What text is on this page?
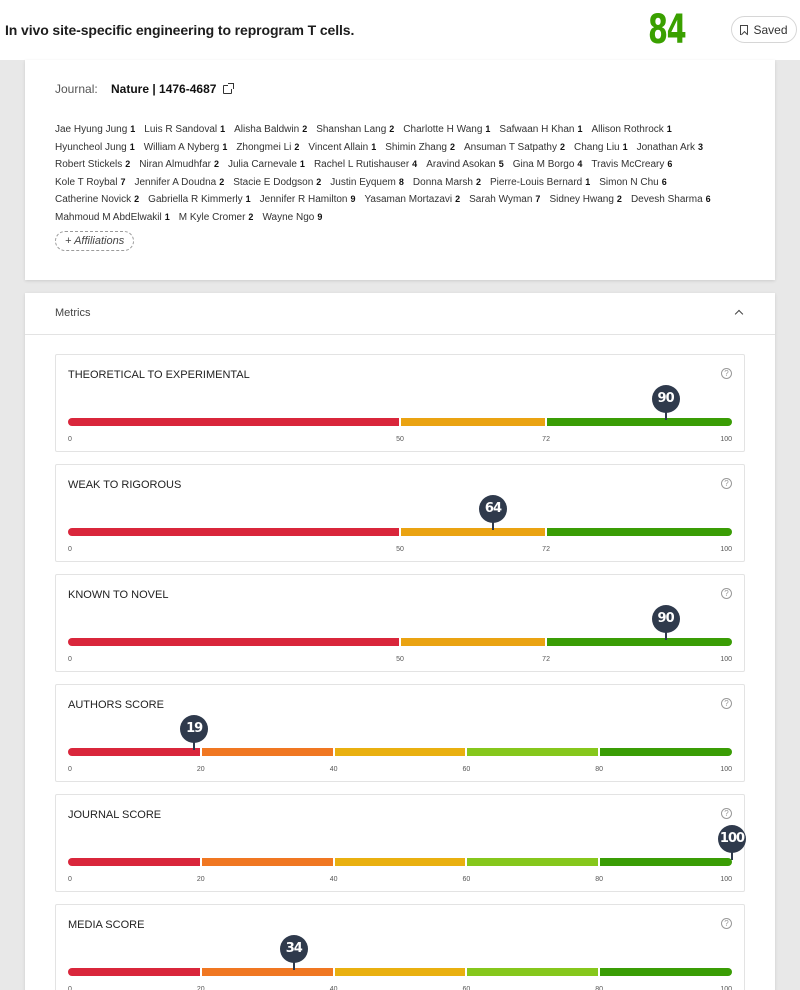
In vivo site-specific engineering to reprogram T cells.	84	Saved
Journal:	Nature | 1476-4687
Jae Hyung Jung 1 Luis R Sandoval 1 Alisha Baldwin 2 Shanshan Lang 2 Charlotte H Wang 1 Safwaan H Khan 1 Allison Rothrock 1Hyuncheol Jung 1 William A Nyberg 1 Zhongmei Li 2 Vincent Allain 1 Shimin Zhang 2 Ansuman T Satpathy 2 Chang Liu 1 Jonathan Ark 3Robert Stickels 2 Niran Almudhfar 2 Julia Carnevale 1 Rachel L Rutishauser 4 Aravind Asokan 5 Gina M Borgo 4 Travis McCreary 6Kole T Roybal 7 Jennifer A Doudna 2 Stacie E Dodgson 2 Justin Eyquem 8 Donna Marsh 2 Pierre-Louis Bernard 1 Simon N Chu 6Catherine Novick 2 Gabriella R Kimmerly 1 Jennifer R Hamilton 9 Yasaman Mortazavi 2 Sarah Wyman 7 Sidney Hwang 2 Devesh Sharma 6Mahmoud M AbdElwakil 1 M Kyle Cromer 2 Wayne Ngo 9
+ Affiliations
Metrics
THEORETICAL TO EXPERIMENTAL	?
0	50	72	100
90
WEAK TO RIGOROUS	?
0	50	72	100
64
KNOWN TO NOVEL	?
0	50	72	100
90
AUTHORS SCORE	?
0	20	40	60	80	100
19
JOURNAL SCORE	?
0	20	40	60	80	100
100
MEDIA SCORE	?
0	20	40	60	80	100
34
